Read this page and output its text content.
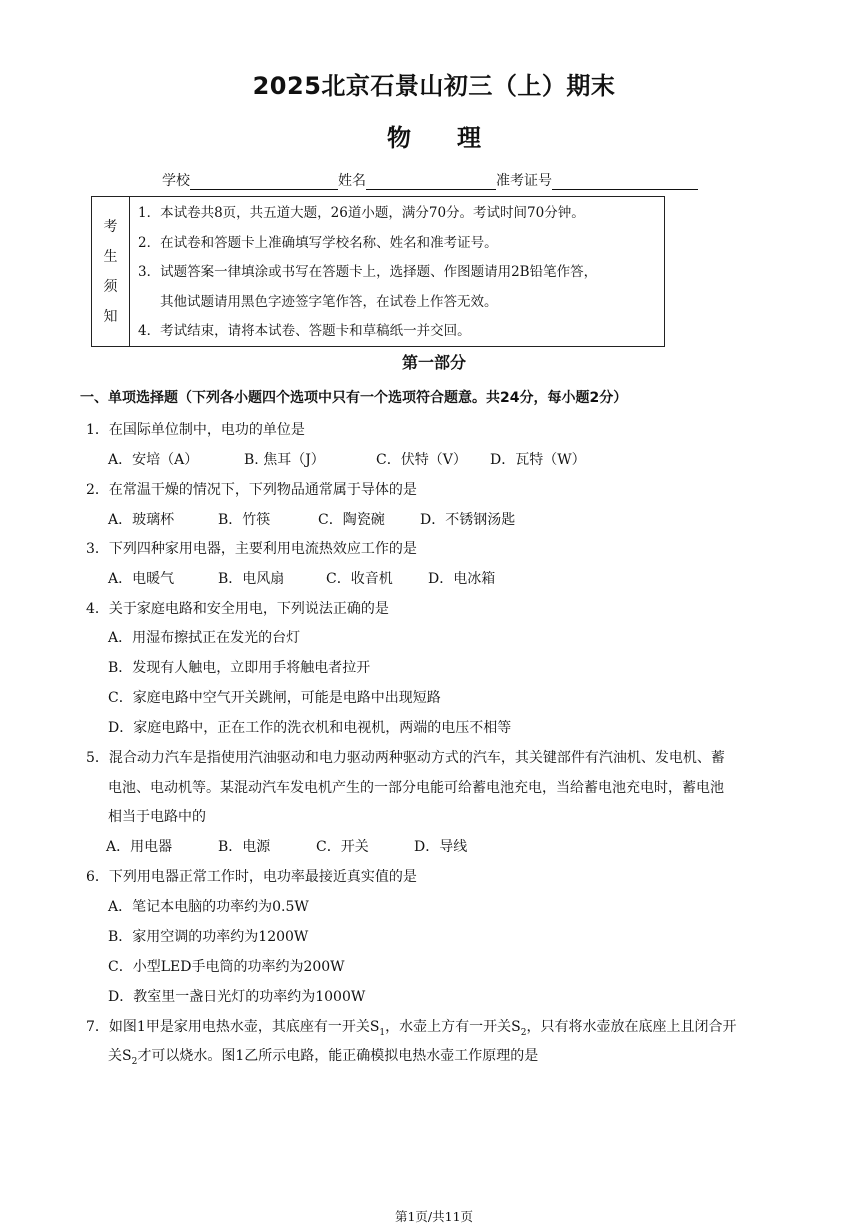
2025北京石景山初三（上）期末
物理
学校	姓名	准考证号
考
生
须
知
1．本试卷共8页，共五道大题，26道小题，满分70分。考试时间70分钟。
2．在试卷和答题卡上准确填写学校名称、姓名和准考证号。
3．试题答案一律填涂或书写在答题卡上，选择题、作图题请用2B铅笔作答，
其他试题请用黑色字迹签字笔作答，在试卷上作答无效。
4．考试结束，请将本试卷、答题卡和草稿纸一并交回。
第一部分
一、单项选择题（下列各小题四个选项中只有一个选项符合题意。共24分，每小题2分）
1．在国际单位制中，电功的单位是
A．安培（A）	B. 焦耳（J）	C．伏特（V） D．瓦特（W）
2．在常温干燥的情况下，下列物品通常属于导体的是
A．玻璃杯	B．竹筷	C．陶瓷碗	D．不锈钢汤匙
3．下列四种家用电器，主要利用电流热效应工作的是
A．电暖气	B．电风扇	C．收音机	D．电冰箱
4．关于家庭电路和安全用电，下列说法正确的是
A．用湿布擦拭正在发光的台灯
B．发现有人触电，立即用手将触电者拉开
C．家庭电路中空气开关跳闸，可能是电路中出现短路
D．家庭电路中，正在工作的洗衣机和电视机，两端的电压不相等
5．混合动力汽车是指使用汽油驱动和电力驱动两种驱动方式的汽车，其关键部件有汽油机、发电机、蓄
电池、电动机等。某混动汽车发电机产生的一部分电能可给蓄电池充电，当给蓄电池充电时，蓄电池
相当于电路中的
A．用电器	B．电源	C．开关	D．导线
6．下列用电器正常工作时，电功率最接近真实值的是
A．笔记本电脑的功率约为0.5W
B．家用空调的功率约为1200W
C．小型LED手电筒的功率约为200W
D．教室里一盏日光灯的功率约为1000W
7．如图1甲是家用电热水壶，其底座有一开关$S_1$，水壶上方有一开关$S_2$，只有将水壶放在底座上且闭合开
关$S_2$才可以烧水。图1乙所示电路，能正确模拟电热水壶工作原理的是
第1页/共11页
